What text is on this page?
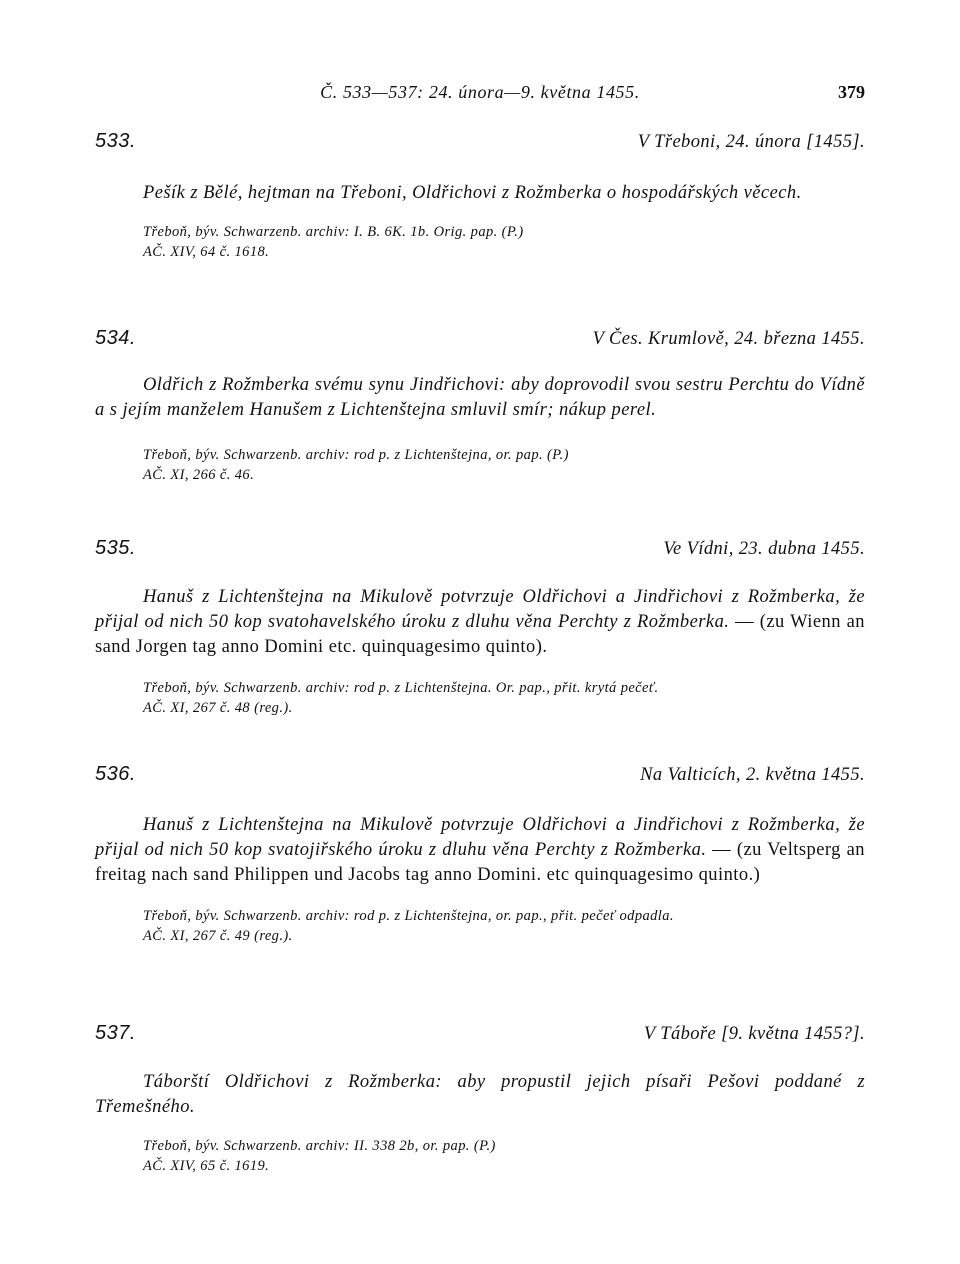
Č. 533—537: 24. února—9. května 1455.	379
533.	V Třeboni, 24. února [1455].

Pešík z Bělé, hejtman na Třeboni, Oldřichovi z Rožmberka o hospodářských věcech.

Třeboň, býv. Schwarzenb. archiv: I. B. 6K. 1b. Orig. pap. (P.)

AČ. XIV, 64 č. 1618.

534.	V Čes. Krumlově, 24. března 1455.

Oldřich z Rožmberka svému synu Jindřichovi: aby doprovodil svou sestru Perchtu do Vídně a s jejím manželem Hanušem z Lichtenštejna smluvil smír; nákup perel.

Třeboň, býv. Schwarzenb. archiv: rod p. z Lichtenštejna, or. pap. (P.)

AČ. XI, 266 č. 46.

535.	Ve Vídni, 23. dubna 1455.

Hanuš z Lichtenštejna na Mikulově potvrzuje Oldřichovi a Jindřichovi z Rožmberka, že přijal od nich 50 kop svatohavelského úroku z dluhu věna Perchty z Rožmberka. — (zu Wienn an sand Jorgen tag anno Domini etc. quinquagesimo quinto).

Třeboň, býv. Schwarzenb. archiv: rod p. z Lichtenštejna. Or. pap., přit. krytá pečeť.

AČ. XI, 267 č. 48 (reg.).

536.	Na Valticích, 2. května 1455.

Hanuš z Lichtenštejna na Mikulově potvrzuje Oldřichovi a Jindřichovi z Rožmberka, že přijal od nich 50 kop svatojiřského úroku z dluhu věna Perchty z Rožmberka. — (zu Veltsperg an freitag nach sand Philippen und Jacobs tag anno Domini. etc quinquagesimo quinto.)

Třeboň, býv. Schwarzenb. archiv: rod p. z Lichtenštejna, or. pap., přit. pečeť odpadla.

AČ. XI, 267 č. 49 (reg.).

537.	V Táboře [9. května 1455?].

Táborští Oldřichovi z Rožmberka: aby propustil jejich písaři Pešovi poddané z Třemešného.

Třeboň, býv. Schwarzenb. archiv: II. 338 2b, or. pap. (P.)

AČ. XIV, 65 č. 1619.
